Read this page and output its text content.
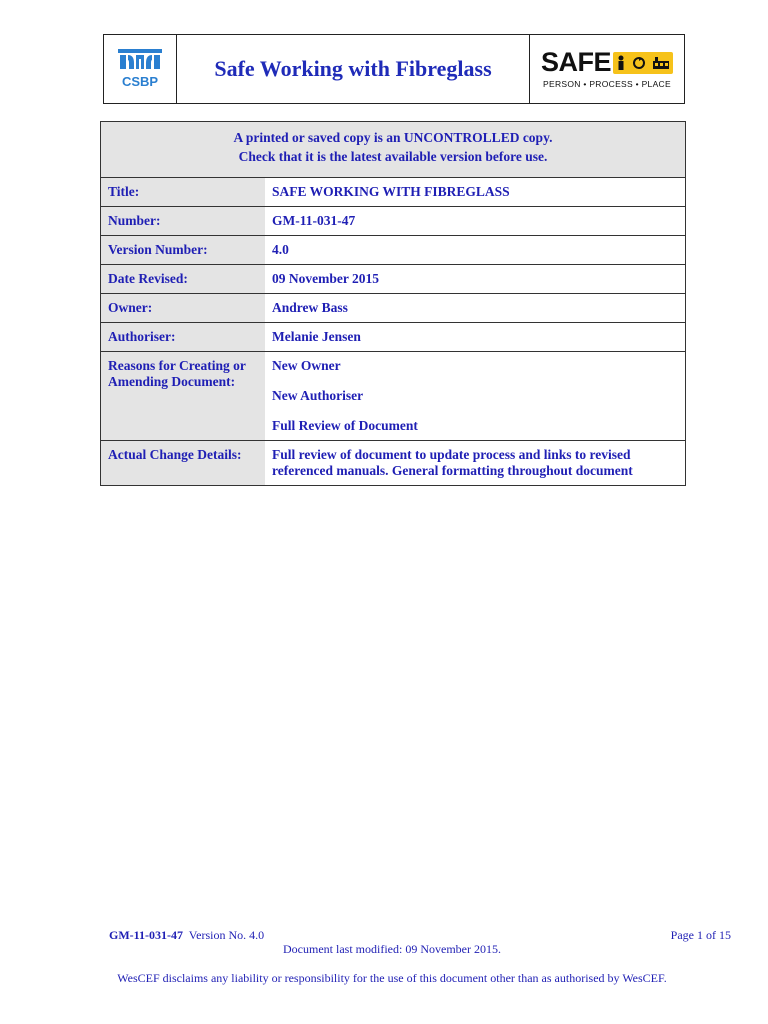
CSBP
Safe Working with Fibreglass	SAFE
PERSON • PROCESS • PLACE
A printed or saved copy is an UNCONTROLLED copy.
Check that it is the latest available version before use.	

Title:	SAFE WORKING WITH FIBREGLASS
Number:	GM-11-031-47
Version Number:	4.0
Date Revised:	09 November 2015
Owner:	Andrew Bass
Authoriser:	Melanie Jensen
Reasons for Creating or Amending Document:	New Owner
New Authoriser
Full Review of Document

Actual Change Details:	Full review of document to update process and links to revised referenced manuals. General formatting throughout document
GM-11-031-47 Version No. 4.0	Page 1 of 15
Document last modified: 09 November 2015.
WesCEF disclaims any liability or responsibility for the use of this document other than as authorised by WesCEF.
